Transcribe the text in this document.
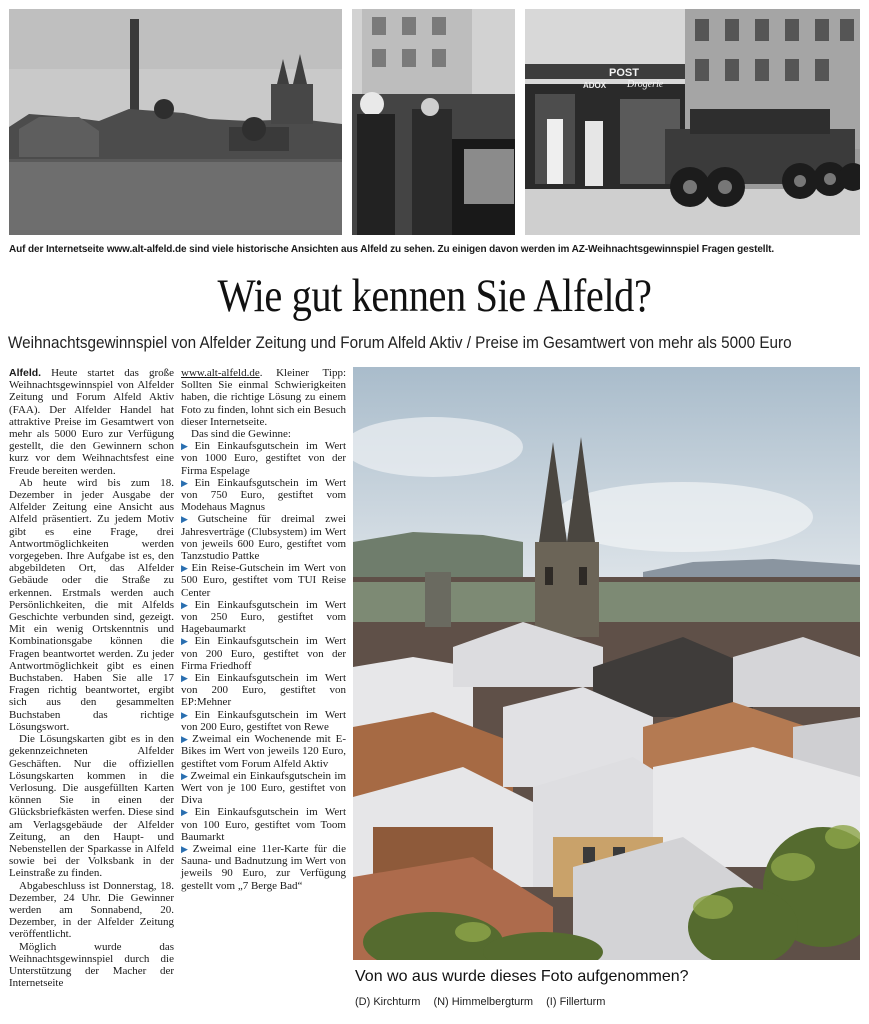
ADOX
POST
Drogerie
Auf der Internetseite www.alt-alfeld.de sind viele historische Ansichten aus Alfeld zu sehen. Zu einigen davon werden im AZ-Weihnachtsgewinnspiel Fragen gestellt.
Wie gut kennen Sie Alfeld?
Weihnachtsgewinnspiel von Alfelder Zeitung und Forum Alfeld Aktiv / Preise im Gesamtwert von mehr als 5000 Euro

Alfeld. Heute startet das große Weihnachtsgewinnspiel von Alfelder Zeitung und Forum Alfeld Aktiv (FAA). Der Alfelder Handel hat attraktive Preise im Gesamtwert von mehr als 5000 Euro zur Verfügung gestellt, die den Gewinnern schon kurz vor dem Weihnachtsfest eine Freude bereiten werden.

Ab heute wird bis zum 18. Dezember in jeder Ausgabe der Alfelder Zeitung eine Ansicht aus Alfeld präsentiert. Zu jedem Motiv gibt es eine Frage, drei Antwortmöglichkeiten werden vorgegeben. Ihre Aufgabe ist es, den abgebildeten Ort, das Alfelder Gebäude oder die Straße zu erkennen. Erstmals werden auch Persönlichkeiten, die mit Alfelds Geschichte verbunden sind, gezeigt. Mit ein wenig Ortskenntnis und Kombinationsgabe können die Fragen beantwortet werden. Zu jeder Antwortmöglichkeit gibt es einen Buchstaben. Haben Sie alle 17 Fragen richtig beantwortet, ergibt sich aus den gesammelten Buchstaben das richtige Lösungswort.

Die Lösungskarten gibt es in den gekennzeichneten Alfelder Geschäften. Nur die offiziellen Lösungskarten kommen in die Verlosung. Die ausgefüllten Karten können Sie in einen der Glücksbriefkästen werfen. Diese sind am Verlagsgebäude der Alfelder Zeitung, an den Haupt- und Nebenstellen der Sparkasse in Alfeld sowie bei der Volksbank in der Leinstraße zu finden.

Abgabeschluss ist Donnerstag, 18. Dezember, 24 Uhr. Die Gewinner werden am Sonnabend, 20. Dezember, in der Alfelder Zeitung veröffentlicht.

Möglich wurde das Weihnachtsgewinnspiel durch die Unterstützung der Macher der Internetseite

www.alt-alfeld.de. Kleiner Tipp: Sollten Sie einmal Schwierigkeiten haben, die richtige Lösung zu einem Foto zu finden, lohnt sich ein Besuch dieser Internetseite.

Das sind die Gewinne:

▶ Ein Einkaufsgutschein im Wert von 1000 Euro, gestiftet von der Firma Espelage

▶ Ein Einkaufsgutschein im Wert von 750 Euro, gestiftet vom Modehaus Magnus

▶ Gutscheine für dreimal zwei Jahresverträge (Clubsystem) im Wert von jeweils 600 Euro, gestiftet vom Tanzstudio Pattke

▶ Ein Reise-Gutschein im Wert von 500 Euro, gestiftet vom TUI Reise Center

▶ Ein Einkaufsgutschein im Wert von 250 Euro, gestiftet vom Hagebaumarkt

▶ Ein Einkaufsgutschein im Wert von 200 Euro, gestiftet von der Firma Friedhoff

▶ Ein Einkaufsgutschein im Wert von 200 Euro, gestiftet von EP:Mehner

▶ Ein Einkaufsgutschein im Wert von 200 Euro, gestiftet von Rewe

▶ Zweimal ein Wochenende mit E-Bikes im Wert von jeweils 120 Euro, gestiftet vom Forum Alfeld Aktiv

▶ Zweimal ein Einkaufsgutschein im Wert von je 100 Euro, gestiftet von Diva

▶ Ein Einkaufsgutschein im Wert von 100 Euro, gestiftet vom Toom Baumarkt

▶ Zweimal eine 11er-Karte für die Sauna- und Badnutzung im Wert von jeweils 90 Euro, zur Verfügung gestellt vom „7 Berge Bad“

Von wo aus wurde dieses Foto aufgenommen?
(D) Kirchturm (N) Himmelbergturm (I) Fillerturm
